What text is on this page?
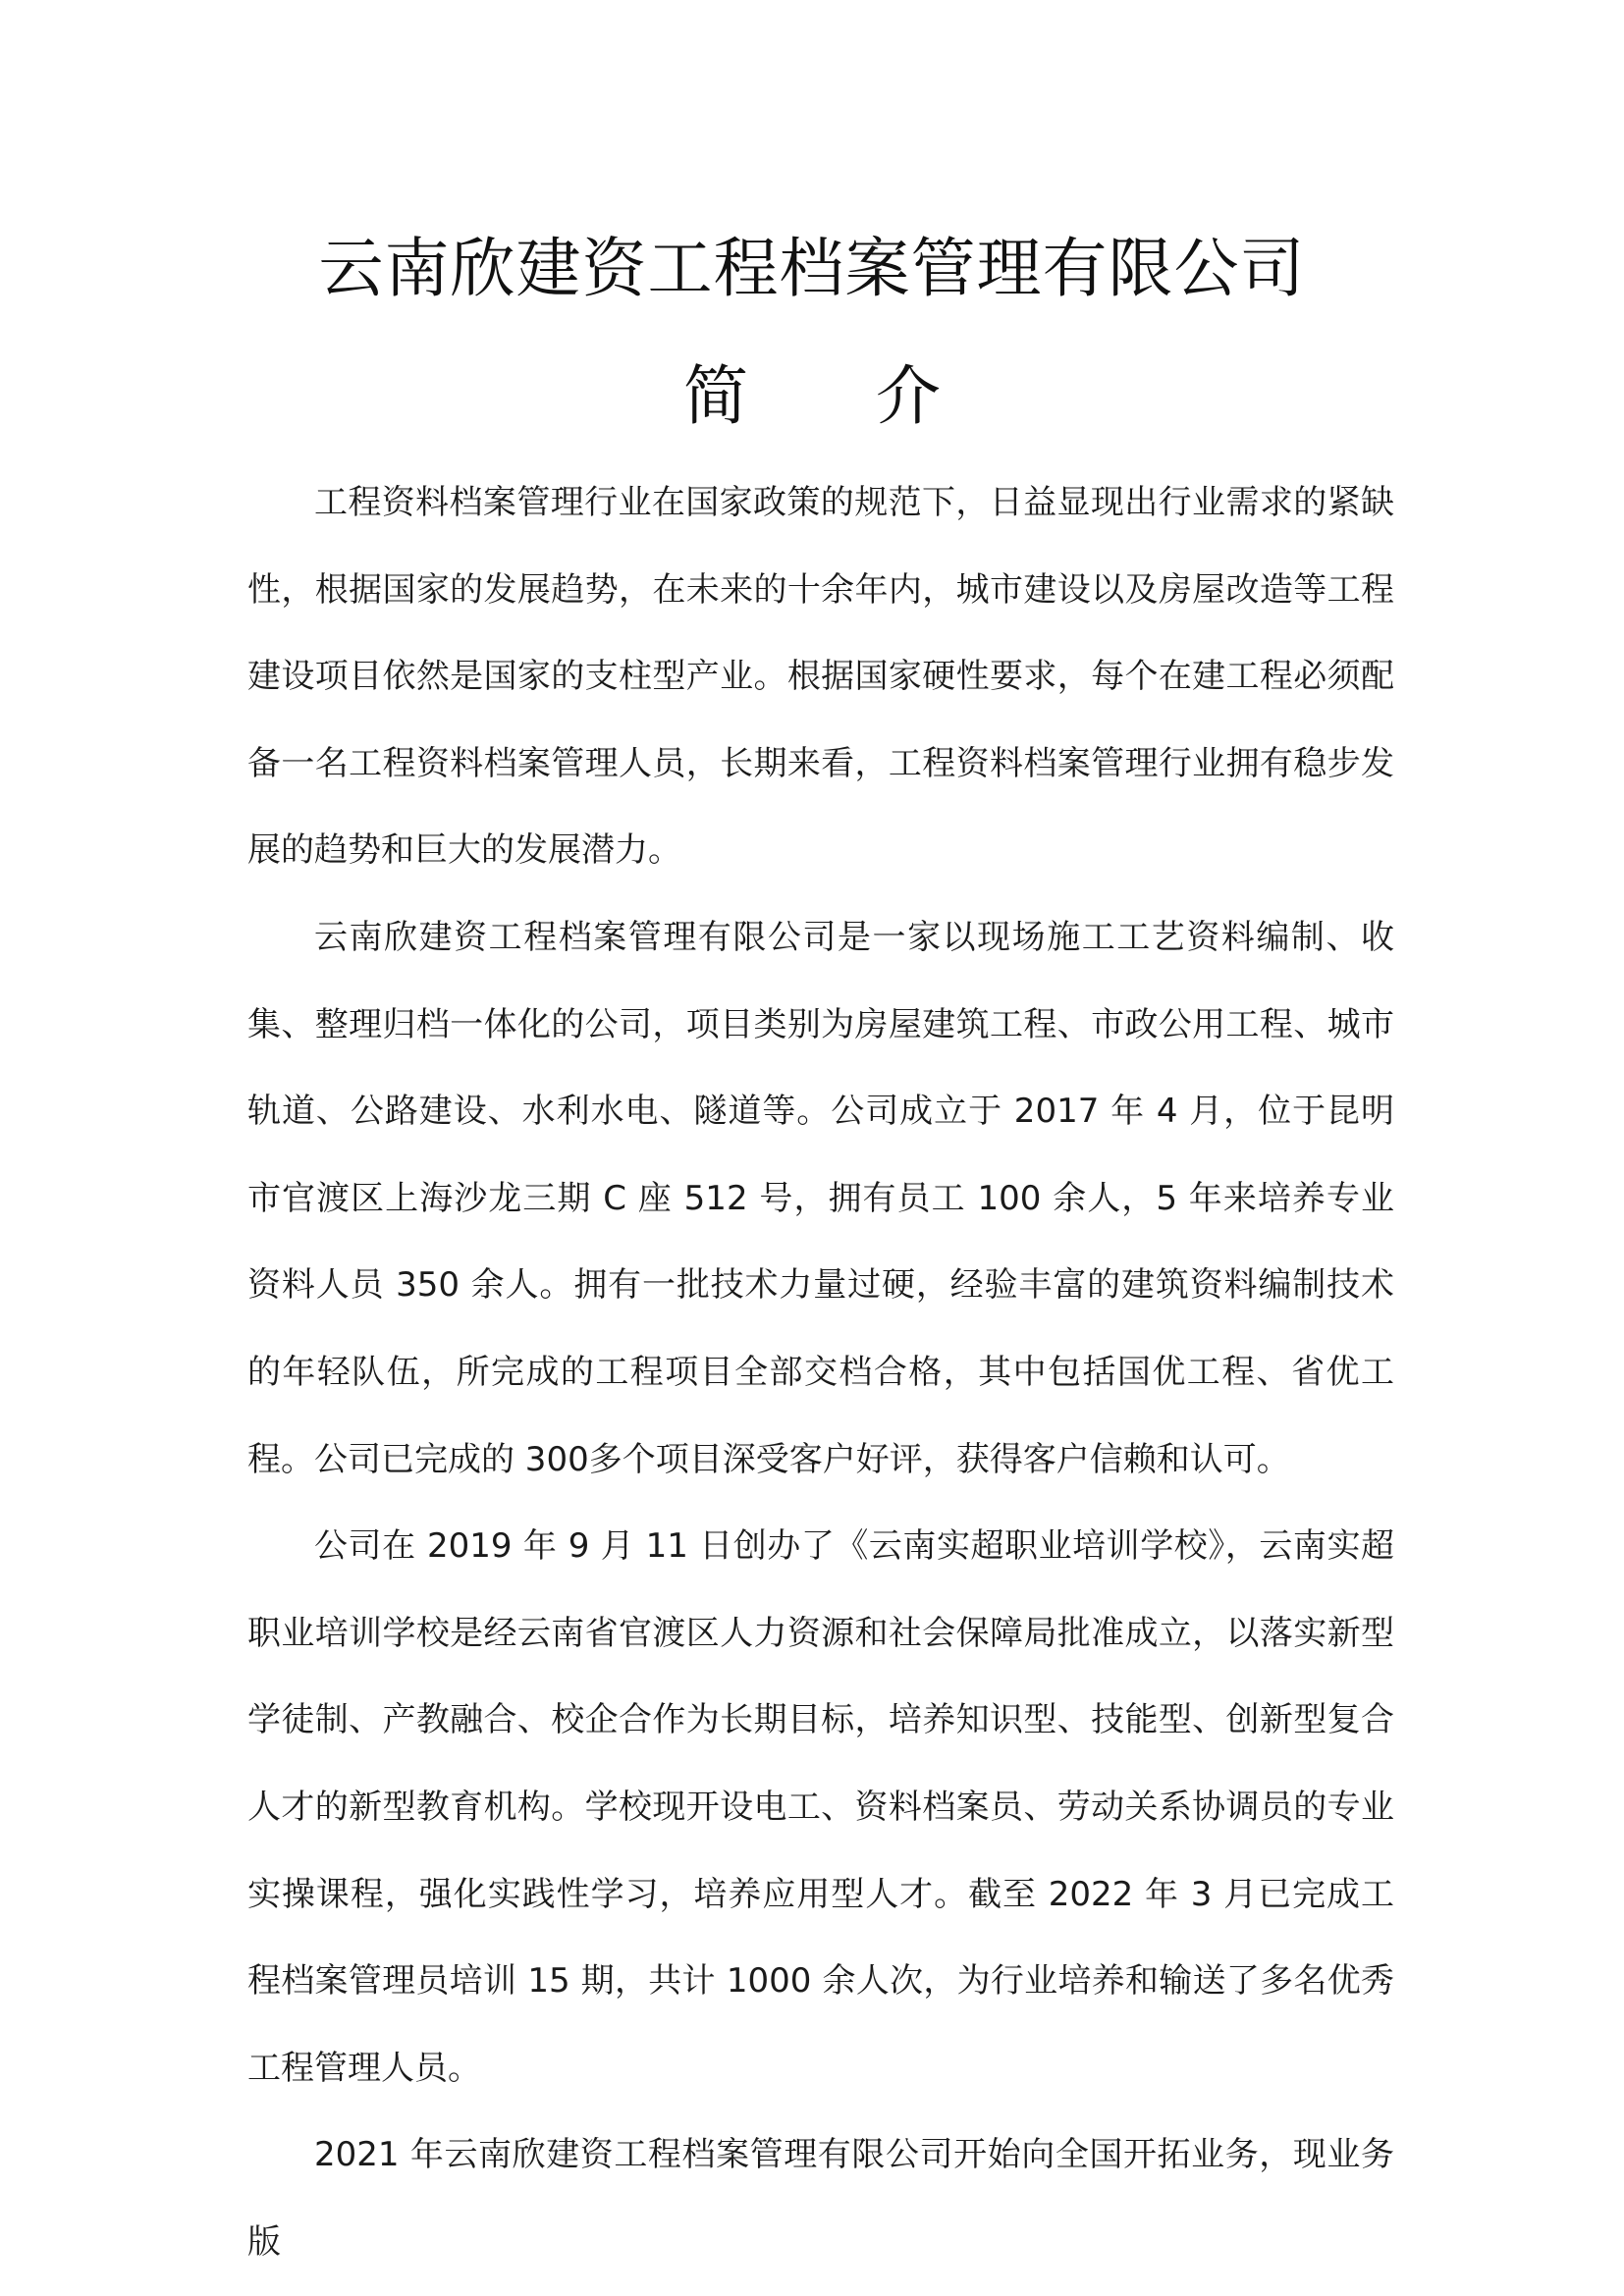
云南欣建资工程档案管理有限公司
简 介

工程资料档案管理行业在国家政策的规范下，日益显现出行业需求的紧缺性，根据国家的发展趋势，在未来的十余年内，城市建设以及房屋改造等工程建设项目依然是国家的支柱型产业。根据国家硬性要求，每个在建工程必须配备一名工程资料档案管理人员，长期来看，工程资料档案管理行业拥有稳步发展的趋势和巨大的发展潜力。

云南欣建资工程档案管理有限公司是一家以现场施工工艺资料编制、收集、整理归档一体化的公司，项目类别为房屋建筑工程、市政公用工程、城市轨道、公路建设、水利水电、隧道等。公司成立于 2017 年 4 月，位于昆明市官渡区上海沙龙三期 C 座 512 号，拥有员工 100 余人，5 年来培养专业资料人员 350 余人。拥有一批技术力量过硬，经验丰富的建筑资料编制技术的年轻队伍，所完成的工程项目全部交档合格，其中包括国优工程、省优工程。公司已完成的 300多个项目深受客户好评，获得客户信赖和认可。

公司在 2019 年 9 月 11 日创办了《云南实超职业培训学校》，云南实超职业培训学校是经云南省官渡区人力资源和社会保障局批准成立，以落实新型学徒制、产教融合、校企合作为长期目标，培养知识型、技能型、创新型复合人才的新型教育机构。学校现开设电工、资料档案员、劳动关系协调员的专业实操课程，强化实践性学习，培养应用型人才。截至 2022 年 3 月已完成工程档案管理员培训 15 期，共计 1000 余人次，为行业培养和输送了多名优秀工程管理人员。

2021 年云南欣建资工程档案管理有限公司开始向全国开拓业务，现业务版
